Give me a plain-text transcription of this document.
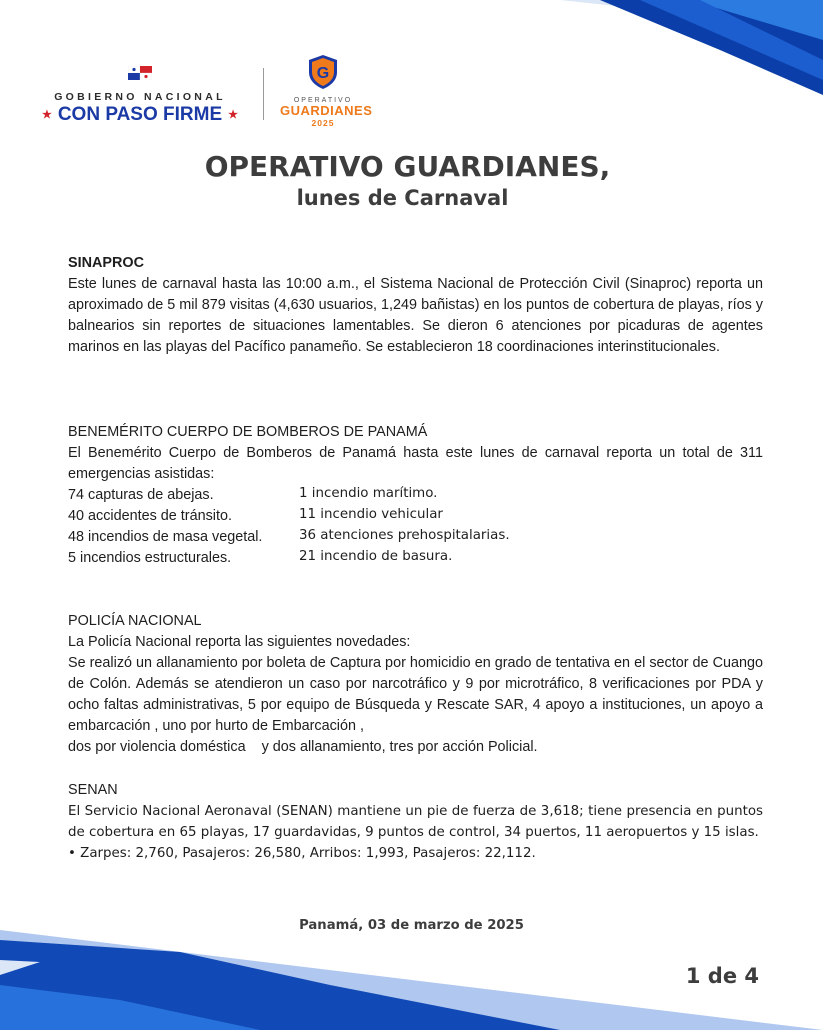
GOBIERNO NACIONAL
★ CON PASO FIRME ★
G
OPERATIVO
GUARDIANES
2025
OPERATIVO GUARDIANES,
lunes de Carnaval

SINAPROC

Este lunes de carnaval hasta las 10:00 a.m., el Sistema Nacional de Protección Civil (Sinaproc) reporta un aproximado de 5 mil 879 visitas (4,630 usuarios, 1,249 bañistas) en los puntos de cobertura de playas, ríos y balnearios sin reportes de situaciones lamentables. Se dieron 6 atenciones por picaduras de agentes marinos en las playas del Pacífico panameño. Se establecieron 18 coordinaciones interinstitucionales.

BENEMÉRITO CUERPO DE BOMBEROS DE PANAMÁ

El Benemérito Cuerpo de Bomberos de Panamá hasta este lunes de carnaval reporta un total de 311 emergencias asistidas:

74 capturas de abejas.
40 accidentes de tránsito.
48 incendios de masa vegetal.
5 incendios estructurales.
1 incendio marítimo.
11 incendio vehicular
36 atenciones prehospitalarias.
21 incendio de basura.

POLICÍA NACIONAL

La Policía Nacional reporta las siguientes novedades:

Se realizó un allanamiento por boleta de Captura por homicidio en grado de tentativa en el sector de Cuango de Colón. Además se atendieron un caso por narcotráfico y 9 por microtráfico, 8 verificaciones por PDA y ocho faltas administrativas, 5 por equipo de Búsqueda y Rescate SAR, 4 apoyo a instituciones, un apoyo a embarcación , uno por hurto de Embarcación ,

dos por violencia doméstica    y dos allanamiento, tres por acción Policial.

SENAN

El Servicio Nacional Aeronaval (SENAN) mantiene un pie de fuerza de 3,618; tiene presencia en puntos de cobertura en 65 playas, 17 guardavidas, 9 puntos de control, 34 puertos, 11 aeropuertos y 15 islas.

• Zarpes: 2,760, Pasajeros: 26,580, Arribos: 1,993, Pasajeros: 22,112.

Panamá, 03 de marzo de 2025
1 de 4
